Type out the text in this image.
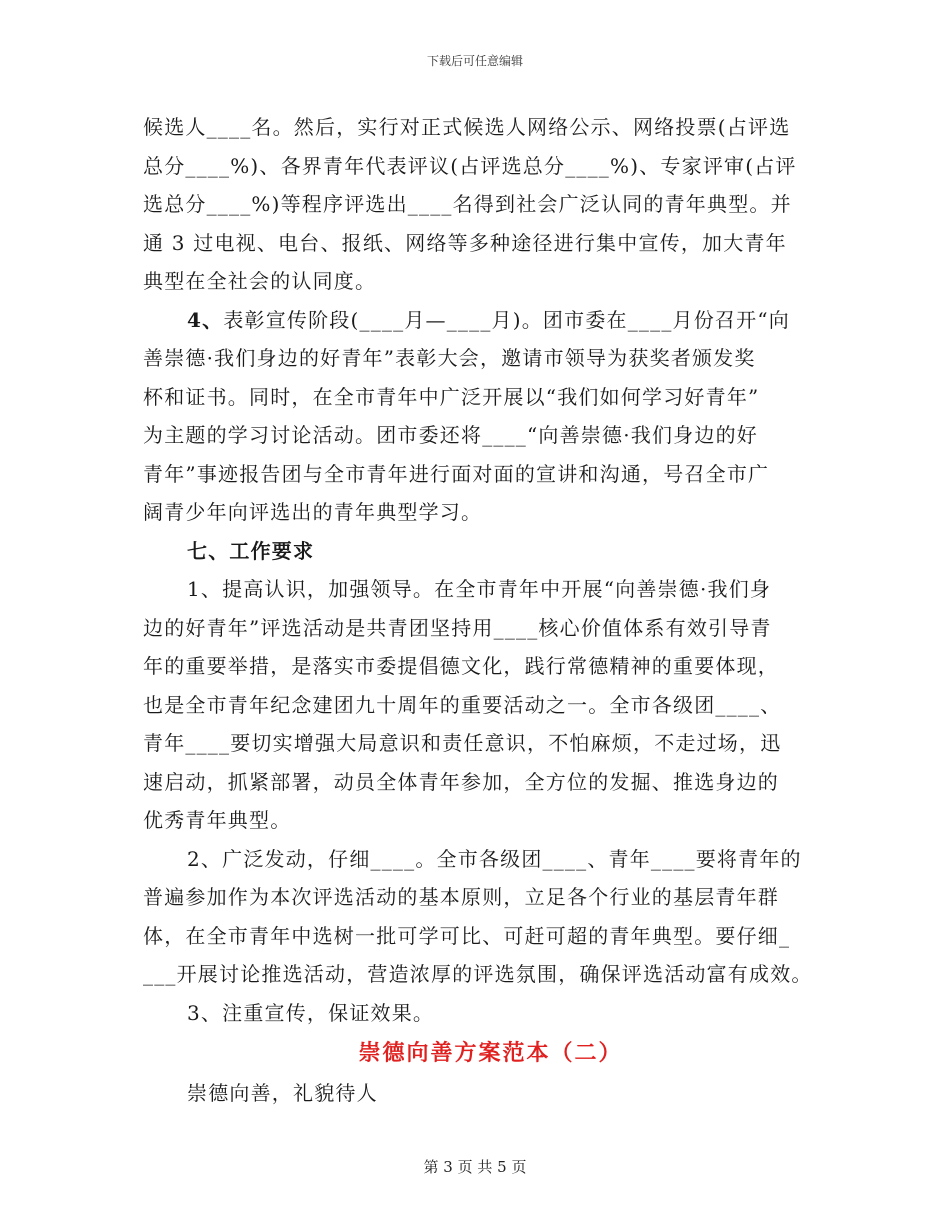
下载后可任意编辑
候选人____名。然后，实行对正式候选人网络公示、网络投票(占评选
总分____%)、各界青年代表评议(占评选总分____%)、专家评审(占评
选总分____%)等程序评选出____名得到社会广泛认同的青年典型。并
通 3 过电视、电台、报纸、网络等多种途径进行集中宣传，加大青年
典型在全社会的认同度。
4、表彰宣传阶段(____月—____月)。团市委在____月份召开“向
善崇德·我们身边的好青年”表彰大会，邀请市领导为获奖者颁发奖
杯和证书。同时，在全市青年中广泛开展以“我们如何学习好青年”
为主题的学习讨论活动。团市委还将____“向善崇德·我们身边的好
青年”事迹报告团与全市青年进行面对面的宣讲和沟通，号召全市广
阔青少年向评选出的青年典型学习。
七、工作要求
1、提高认识，加强领导。在全市青年中开展“向善崇德·我们身
边的好青年”评选活动是共青团坚持用____核心价值体系有效引导青
年的重要举措，是落实市委提倡德文化，践行常德精神的重要体现，
也是全市青年纪念建团九十周年的重要活动之一。全市各级团____、
青年____要切实增强大局意识和责任意识，不怕麻烦，不走过场，迅
速启动，抓紧部署，动员全体青年参加，全方位的发掘、推选身边的
优秀青年典型。
2、广泛发动，仔细____。全市各级团____、青年____要将青年的
普遍参加作为本次评选活动的基本原则，立足各个行业的基层青年群
体，在全市青年中选树一批可学可比、可赶可超的青年典型。要仔细_
___开展讨论推选活动，营造浓厚的评选氛围，确保评选活动富有成效。
3、注重宣传，保证效果。
崇德向善方案范本（二）
崇德向善，礼貌待人
第 3 页 共 5 页
